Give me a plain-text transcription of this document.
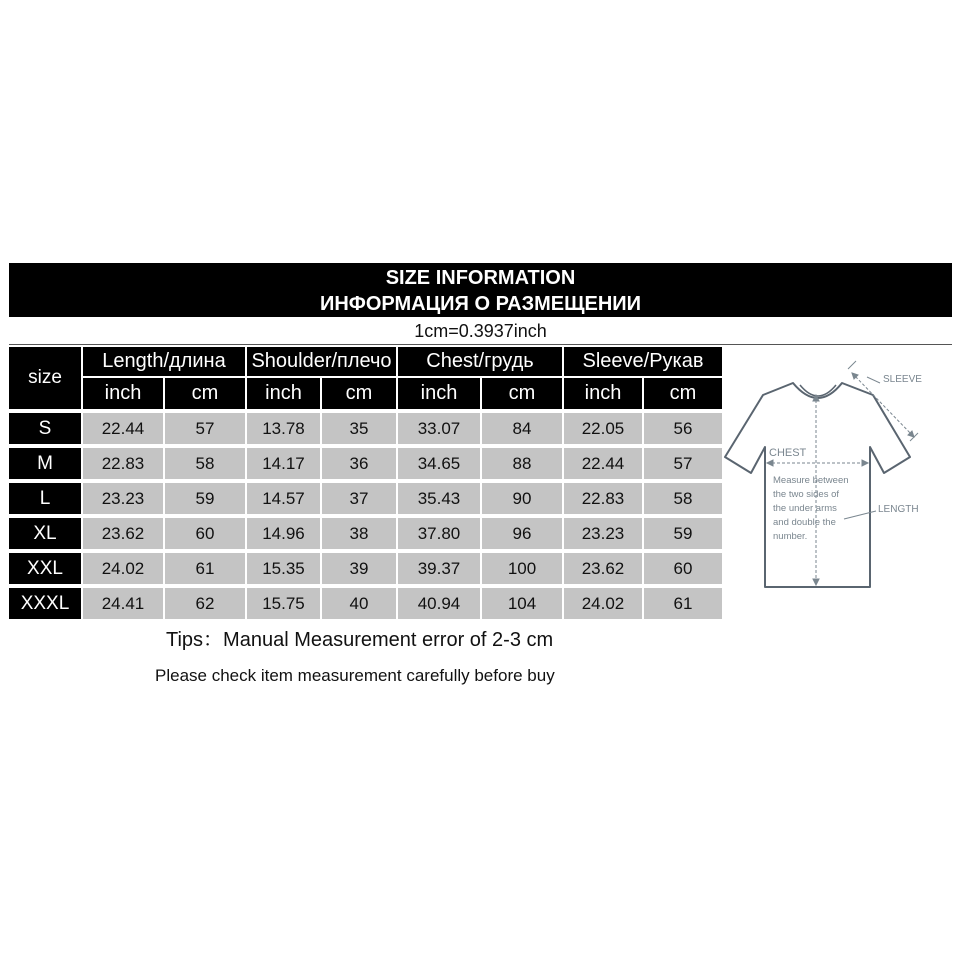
SIZE INFORMATION
ИНФОРМАЦИЯ О РАЗМЕЩЕНИИ
1cm=0.3937inch
size
Length/длина
inch	cm
Shoulder/плечо
inch	cm
Chest/грудь
inch	cm
Sleeve/Рукав
inch	cm
S	22.44	57	13.78	35	33.07	84	22.05	56
M	22.83	58	14.17	36	34.65	88	22.44	57
L	23.23	59	14.57	37	35.43	90	22.83	58
XL	23.62	60	14.96	38	37.80	96	23.23	59
XXL	24.02	61	15.35	39	39.37	100	23.62	60
XXXL	24.41	62	15.75	40	40.94	104	24.02	61
SLEEVE
CHEST
LENGTH
Measure between
the two sides of
the under arms
and double the
number.
Tips：Manual Measurement error of 2-3 cm
Please check item measurement carefully before buy
